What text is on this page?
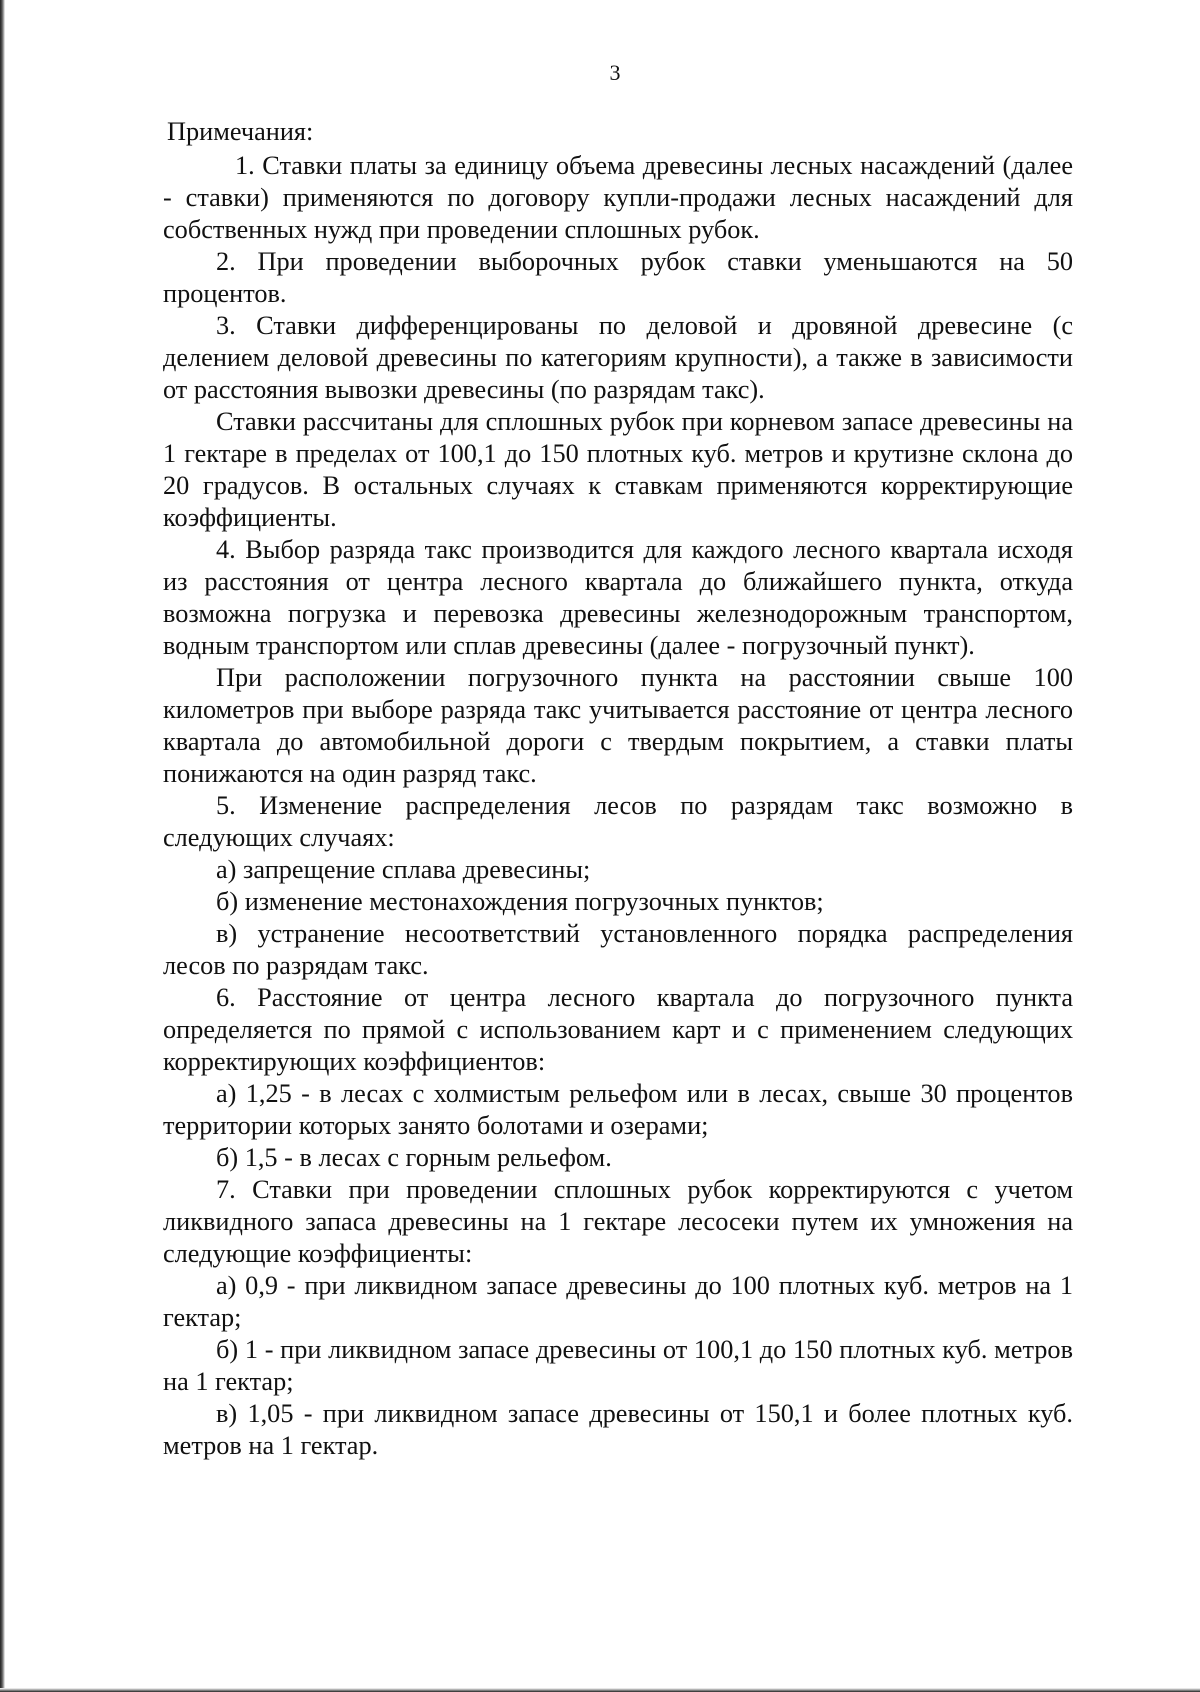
3

Примечания:

1. Ставки платы за единицу объема древесины лесных насаждений (далее - ставки) применяются по договору купли-продажи лесных насаждений для собственных нужд при проведении сплошных рубок.

2. При проведении выборочных рубок ставки уменьшаются на 50 процентов.

3. Ставки дифференцированы по деловой и дровяной древесине (с делением деловой древесины по категориям крупности), а также в зависимости от расстояния вывозки древесины (по разрядам такс).

Ставки рассчитаны для сплошных рубок при корневом запасе древесины на 1 гектаре в пределах от 100,1 до 150 плотных куб. метров и крутизне склона до 20 градусов. В остальных случаях к ставкам применяются корректирующие коэффициенты.

4. Выбор разряда такс производится для каждого лесного квартала исходя из расстояния от центра лесного квартала до ближайшего пункта, откуда возможна погрузка и перевозка древесины железнодорожным транспортом, водным транспортом или сплав древесины (далее - погрузочный пункт).

При расположении погрузочного пункта на расстоянии свыше 100 километров при выборе разряда такс учитывается расстояние от центра лесного квартала до автомобильной дороги с твердым покрытием, а ставки платы понижаются на один разряд такс.

5. Изменение распределения лесов по разрядам такс возможно в следующих случаях:

а) запрещение сплава древесины;

б) изменение местонахождения погрузочных пунктов;

в) устранение несоответствий установленного порядка распределения лесов по разрядам такс.

6. Расстояние от центра лесного квартала до погрузочного пункта определяется по прямой с использованием карт и с применением следующих корректирующих коэффициентов:

а) 1,25 - в лесах с холмистым рельефом или в лесах, свыше 30 процентов территории которых занято болотами и озерами;

б) 1,5 - в лесах с горным рельефом.

7. Ставки при проведении сплошных рубок корректируются с учетом ликвидного запаса древесины на 1 гектаре лесосеки путем их умножения на следующие коэффициенты:

а) 0,9 - при ликвидном запасе древесины до 100 плотных куб. метров на 1 гектар;

б) 1 - при ликвидном запасе древесины от 100,1 до 150 плотных куб. метров на 1 гектар;

в) 1,05 - при ликвидном запасе древесины от 150,1 и более плотных куб. метров на 1 гектар.
